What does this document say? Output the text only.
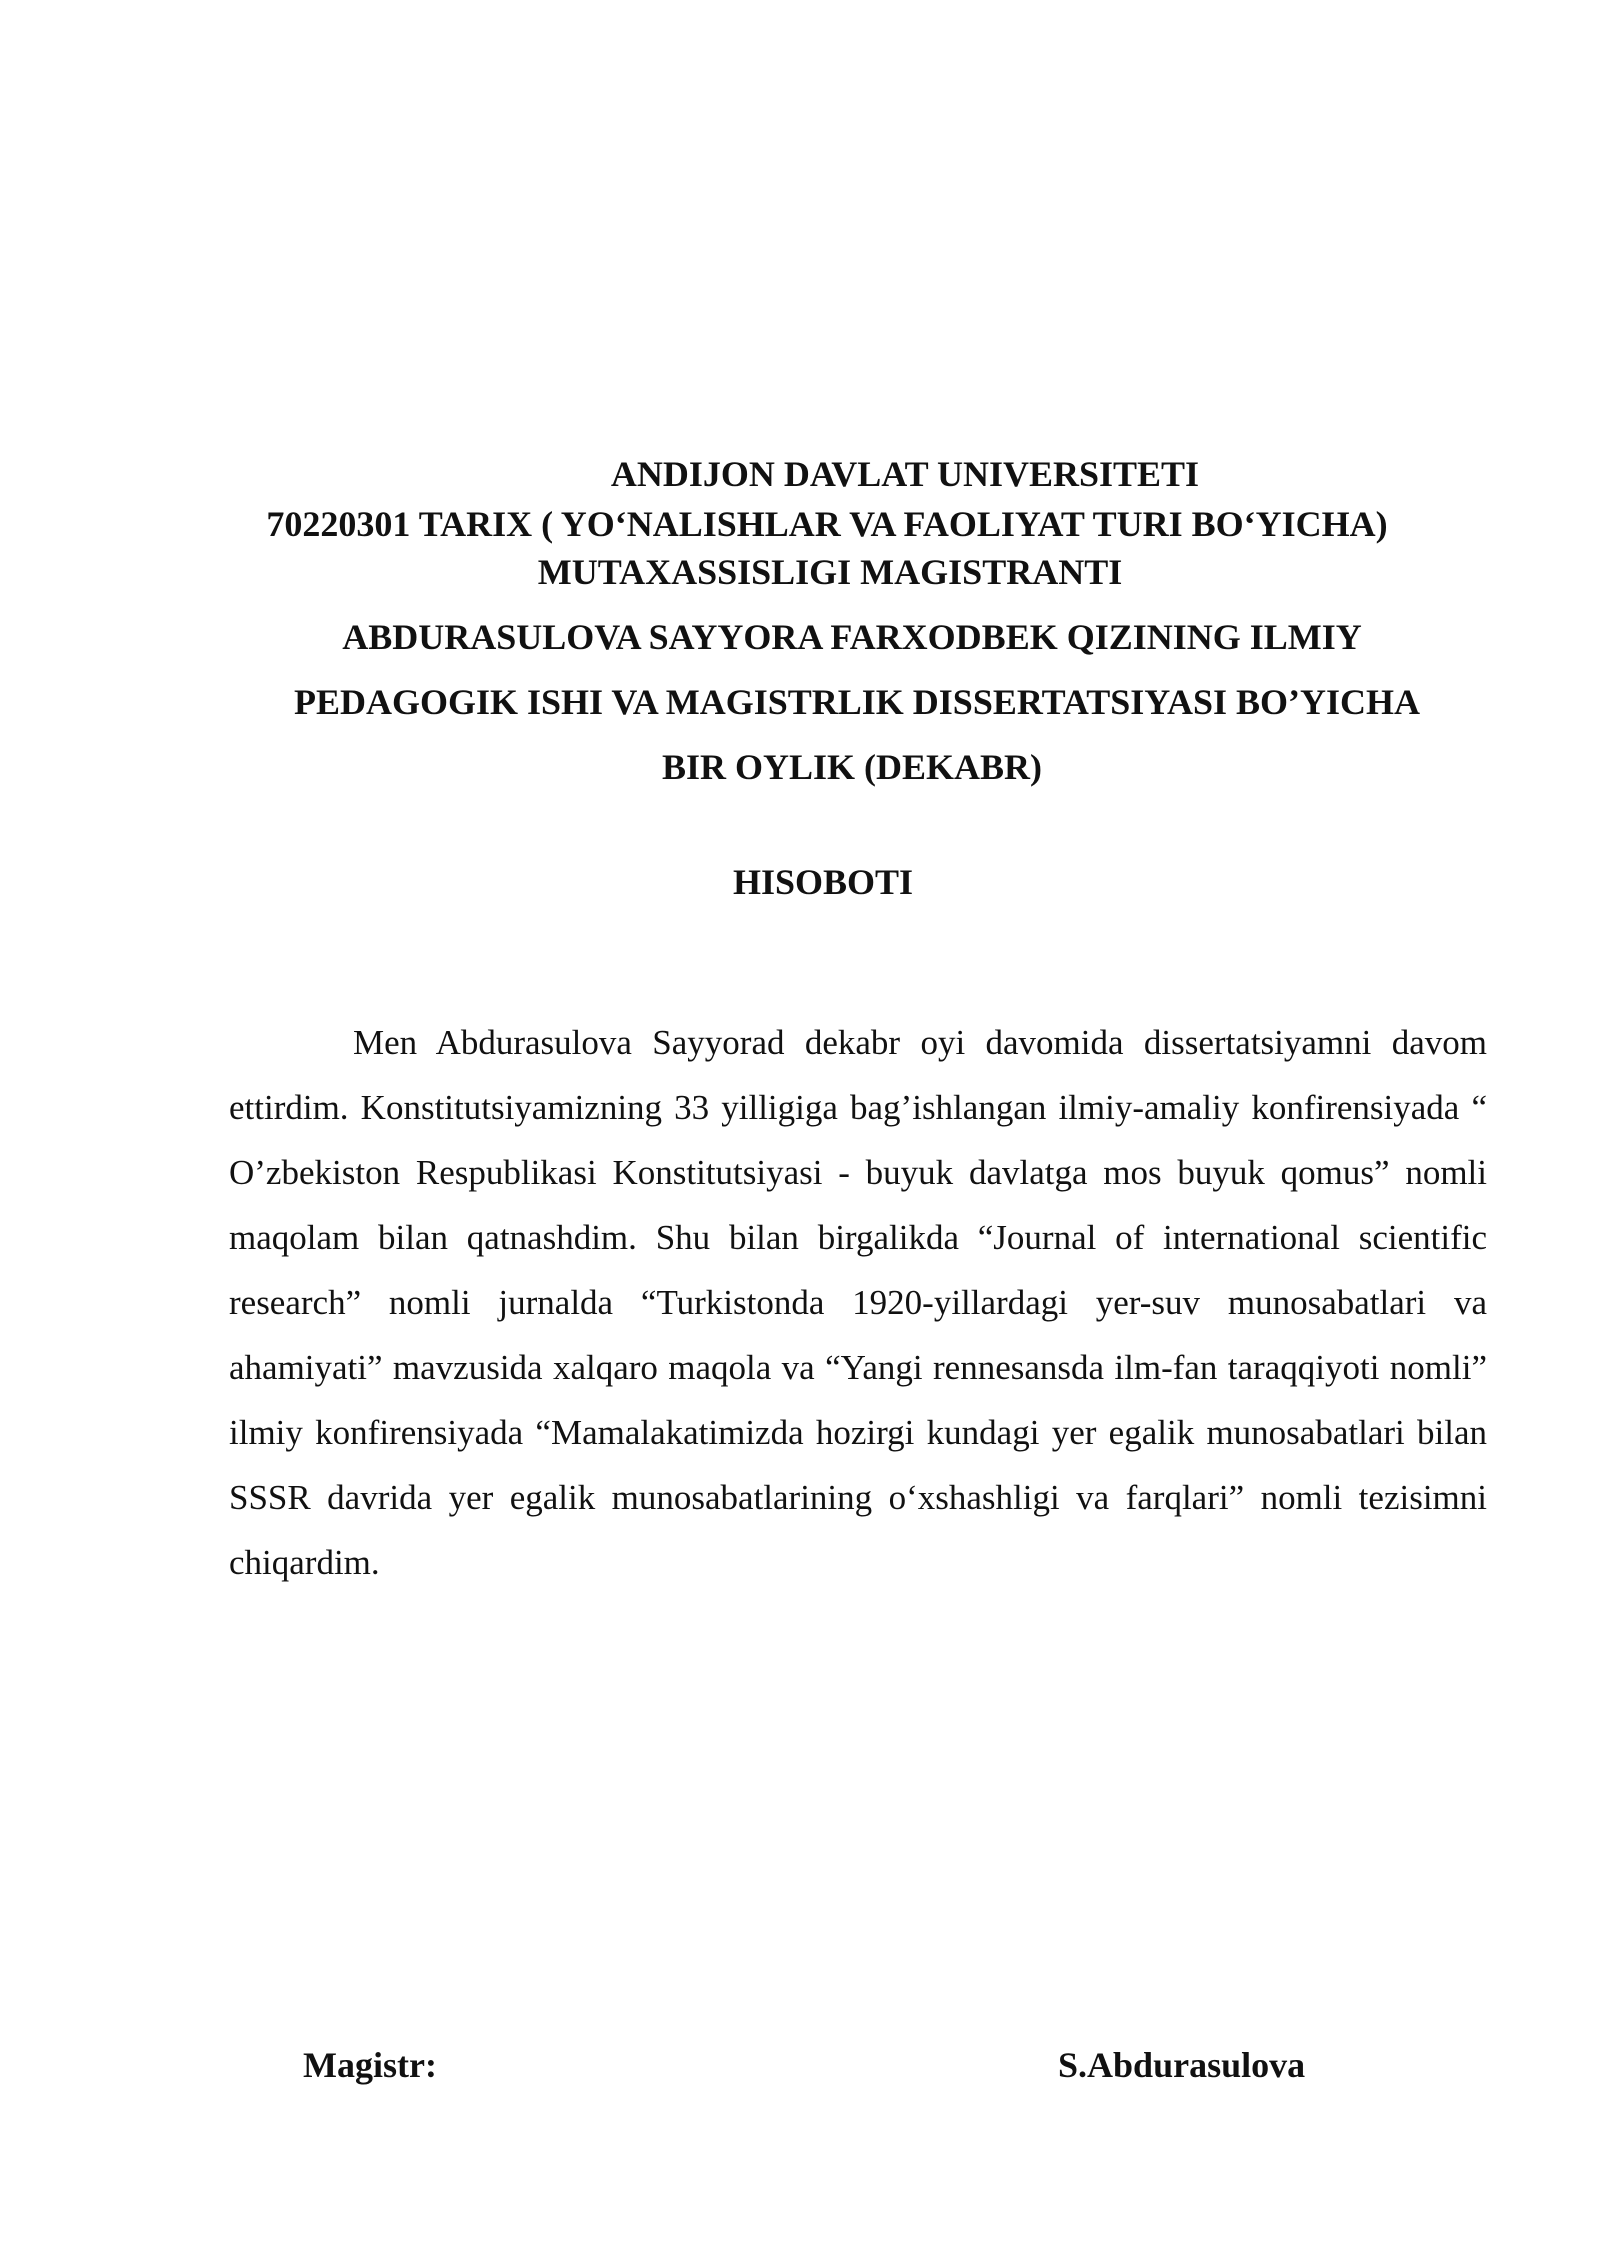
ANDIJON DAVLAT UNIVERSITETI
70220301 TARIX ( YO‘NALISHLAR VA FAOLIYAT TURI BO‘YICHA)
MUTAXASSISLIGI MAGISTRANTI
ABDURASULOVA SAYYORA FARXODBEK QIZINING ILMIY
PEDAGOGIK ISHI VA MAGISTRLIK DISSERTATSIYASI BO’YICHA
BIR OYLIK (DEKABR)
HISOBOTI

Men Abdurasulova Sayyorad dekabr oyi davomida dissertatsiyamni davom ettirdim. Konstitutsiyamizning 33 yilligiga bag’ishlangan ilmiy-amaliy konfirensiyada “ O’zbekiston Respublikasi Konstitutsiyasi - buyuk davlatga mos buyuk qomus” nomli maqolam bilan qatnashdim. Shu bilan birgalikda “Journal of international scientific research” nomli jurnalda “Turkistonda 1920-yillardagi yer-suv munosabatlari va ahamiyati” mavzusida xalqaro maqola va “Yangi rennesansda ilm-fan taraqqiyoti nomli” ilmiy konfirensiyada “Mamalakatimizda hozirgi kundagi yer egalik munosabatlari bilan SSSR davrida yer egalik munosabatlarining o‘xshashligi va farqlari” nomli tezisimni chiqardim.

Magistr:	S.Abdurasulova
